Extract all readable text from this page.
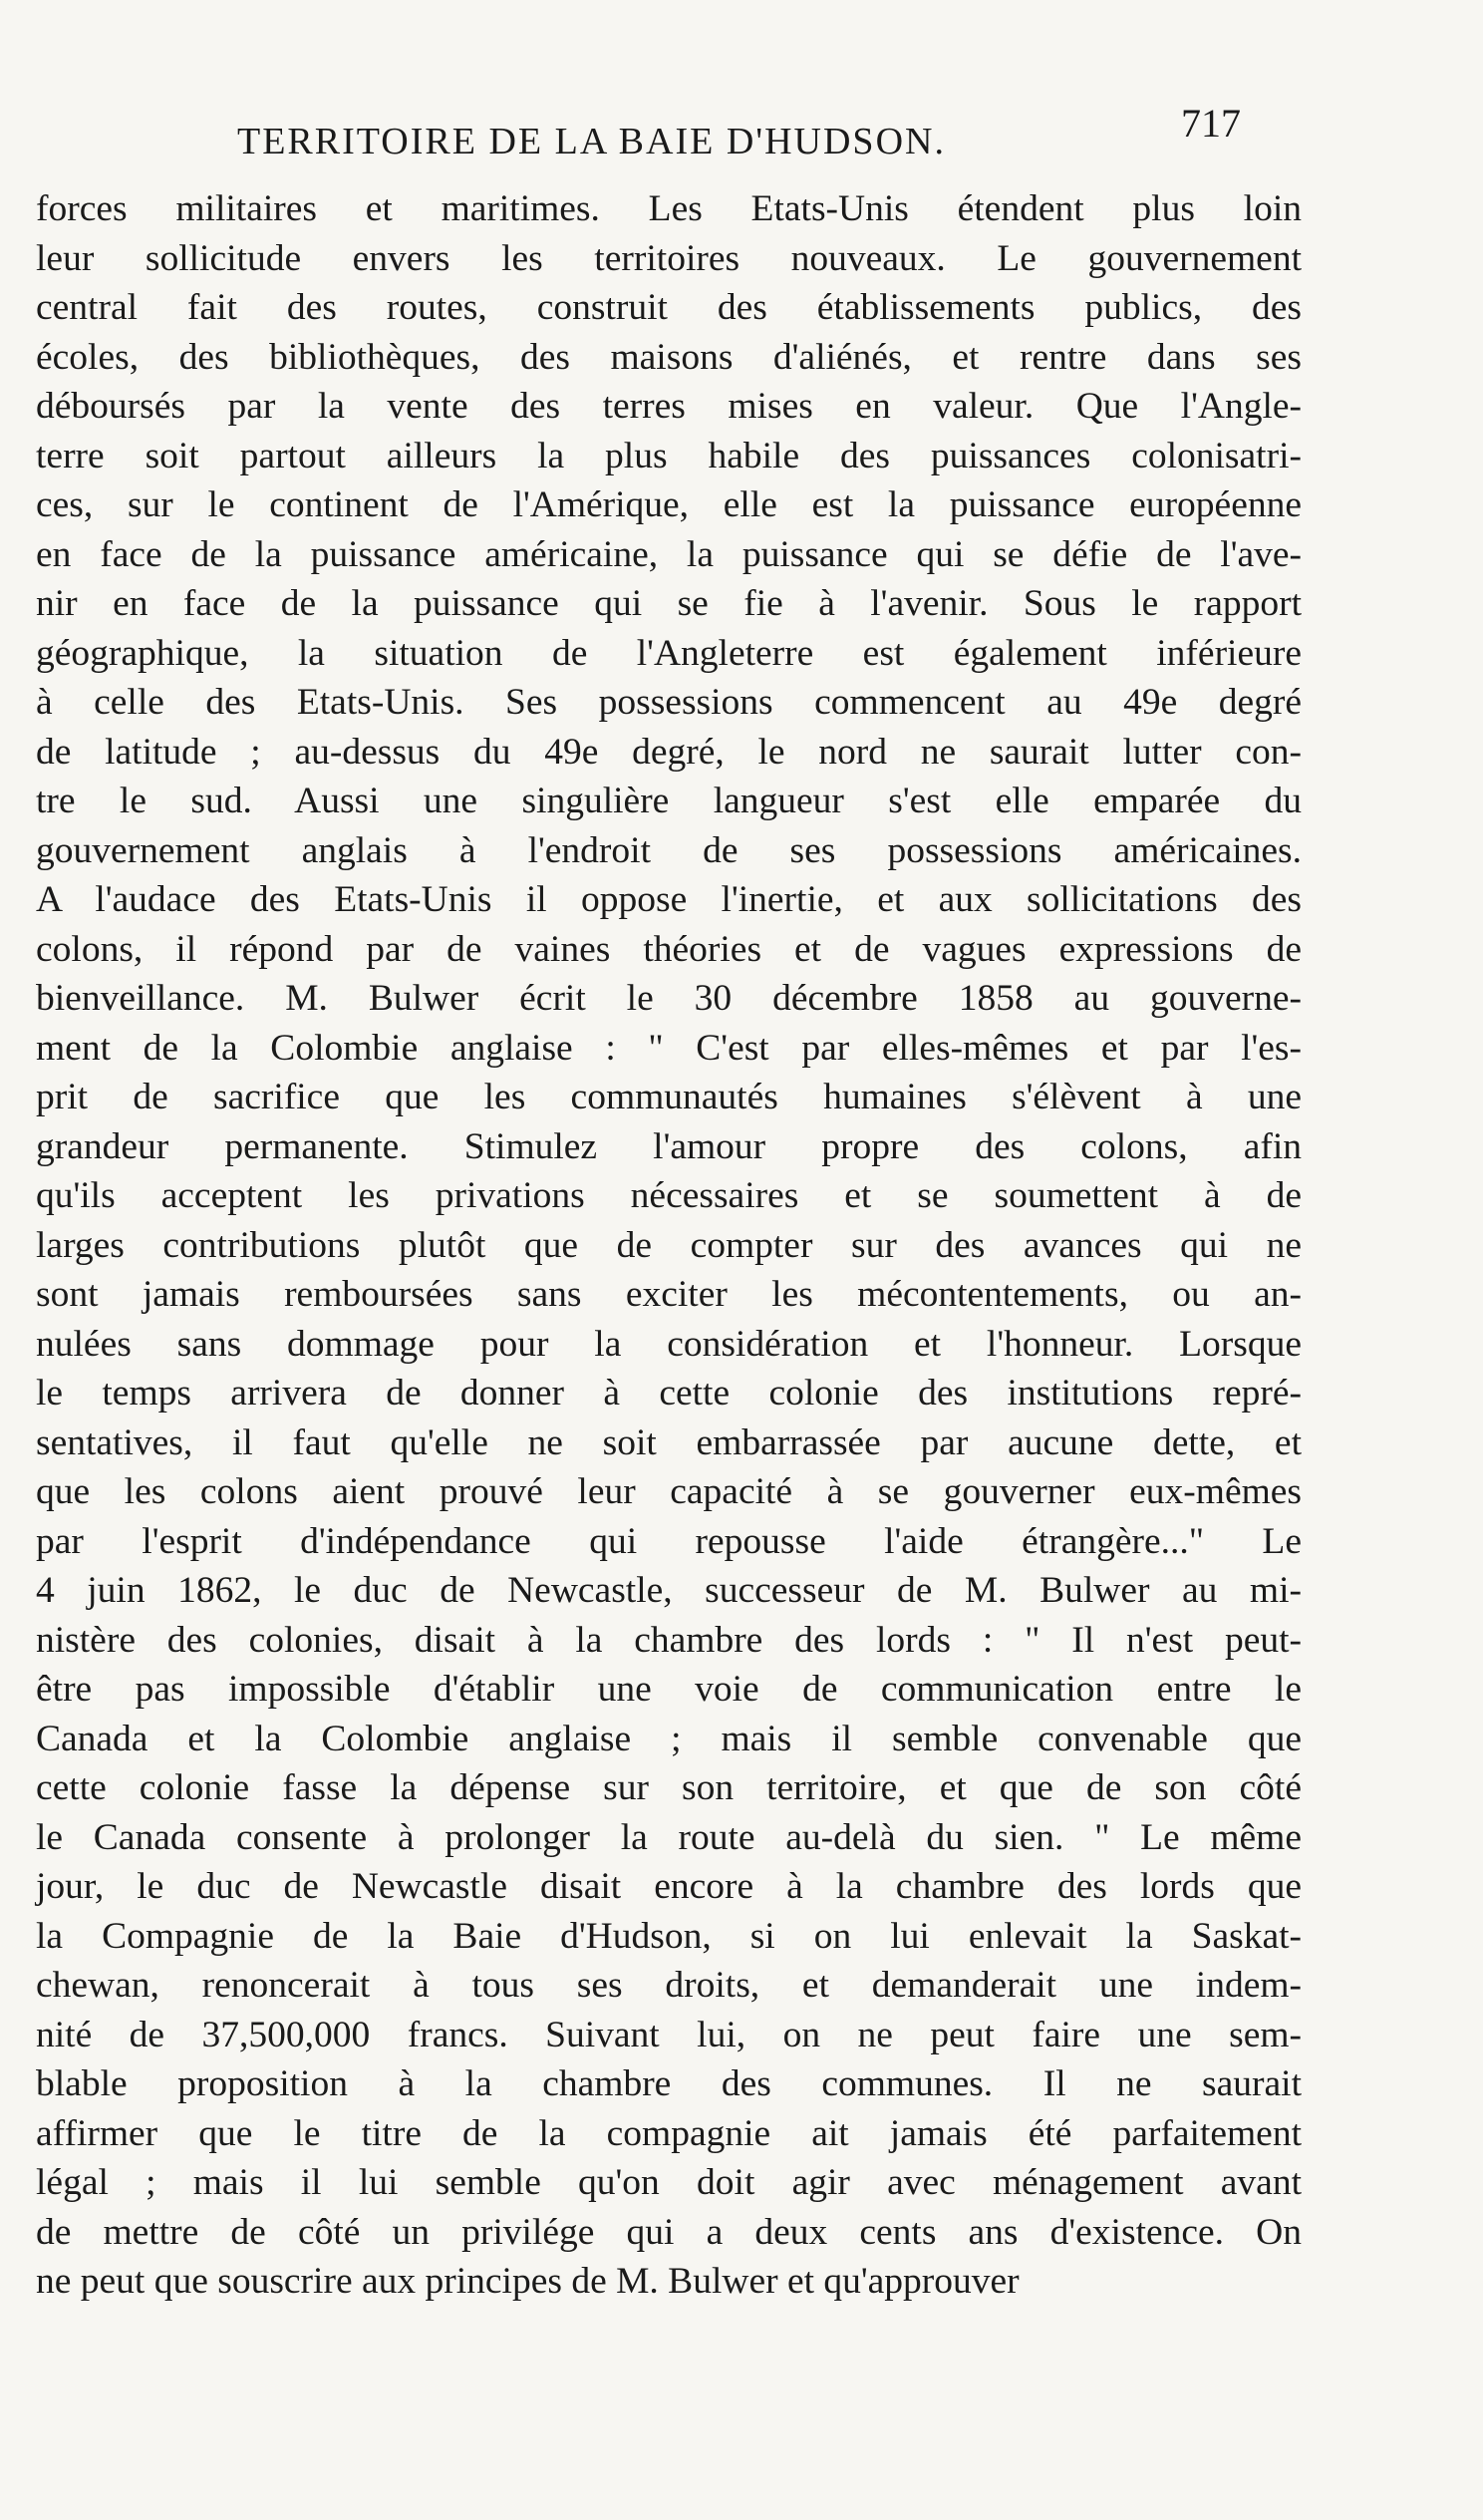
TERRITOIRE DE LA BAIE D'HUDSON.	717
forces militaires et maritimes. Les Etats-Unis étendent plus loin
leur sollicitude envers les territoires nouveaux. Le gouvernement
central fait des routes, construit des établissements publics, des
écoles, des bibliothèques, des maisons d'aliénés, et rentre dans ses
déboursés par la vente des terres mises en valeur. Que l'Angle-
terre soit partout ailleurs la plus habile des puissances colonisatri-
ces, sur le continent de l'Amérique, elle est la puissance européenne
en face de la puissance américaine, la puissance qui se défie de l'ave-
nir en face de la puissance qui se fie à l'avenir. Sous le rapport
géographique, la situation de l'Angleterre est également inférieure
à celle des Etats-Unis. Ses possessions commencent au 49e degré
de latitude ; au-dessus du 49e degré, le nord ne saurait lutter con-
tre le sud. Aussi une singulière langueur s'est elle emparée du
gouvernement anglais à l'endroit de ses possessions américaines.
A l'audace des Etats-Unis il oppose l'inertie, et aux sollicitations des
colons, il répond par de vaines théories et de vagues expressions de
bienveillance. M. Bulwer écrit le 30 décembre 1858 au gouverne-
ment de la Colombie anglaise : " C'est par elles-mêmes et par l'es-
prit de sacrifice que les communautés humaines s'élèvent à une
grandeur permanente. Stimulez l'amour propre des colons, afin
qu'ils acceptent les privations nécessaires et se soumettent à de
larges contributions plutôt que de compter sur des avances qui ne
sont jamais remboursées sans exciter les mécontentements, ou an-
nulées sans dommage pour la considération et l'honneur. Lorsque
le temps arrivera de donner à cette colonie des institutions repré-
sentatives, il faut qu'elle ne soit embarrassée par aucune dette, et
que les colons aient prouvé leur capacité à se gouverner eux-mêmes
par l'esprit d'indépendance qui repousse l'aide étrangère..." Le
4 juin 1862, le duc de Newcastle, successeur de M. Bulwer au mi-
nistère des colonies, disait à la chambre des lords : " Il n'est peut-
être pas impossible d'établir une voie de communication entre le
Canada et la Colombie anglaise ; mais il semble convenable que
cette colonie fasse la dépense sur son territoire, et que de son côté
le Canada consente à prolonger la route au-delà du sien. " Le même
jour, le duc de Newcastle disait encore à la chambre des lords que
la Compagnie de la Baie d'Hudson, si on lui enlevait la Saskat-
chewan, renoncerait à tous ses droits, et demanderait une indem-
nité de 37,500,000 francs. Suivant lui, on ne peut faire une sem-
blable proposition à la chambre des communes. Il ne saurait
affirmer que le titre de la compagnie ait jamais été parfaitement
légal ; mais il lui semble qu'on doit agir avec ménagement avant
de mettre de côté un privilége qui a deux cents ans d'existence. On
ne peut que souscrire aux principes de M. Bulwer et qu'approuver
